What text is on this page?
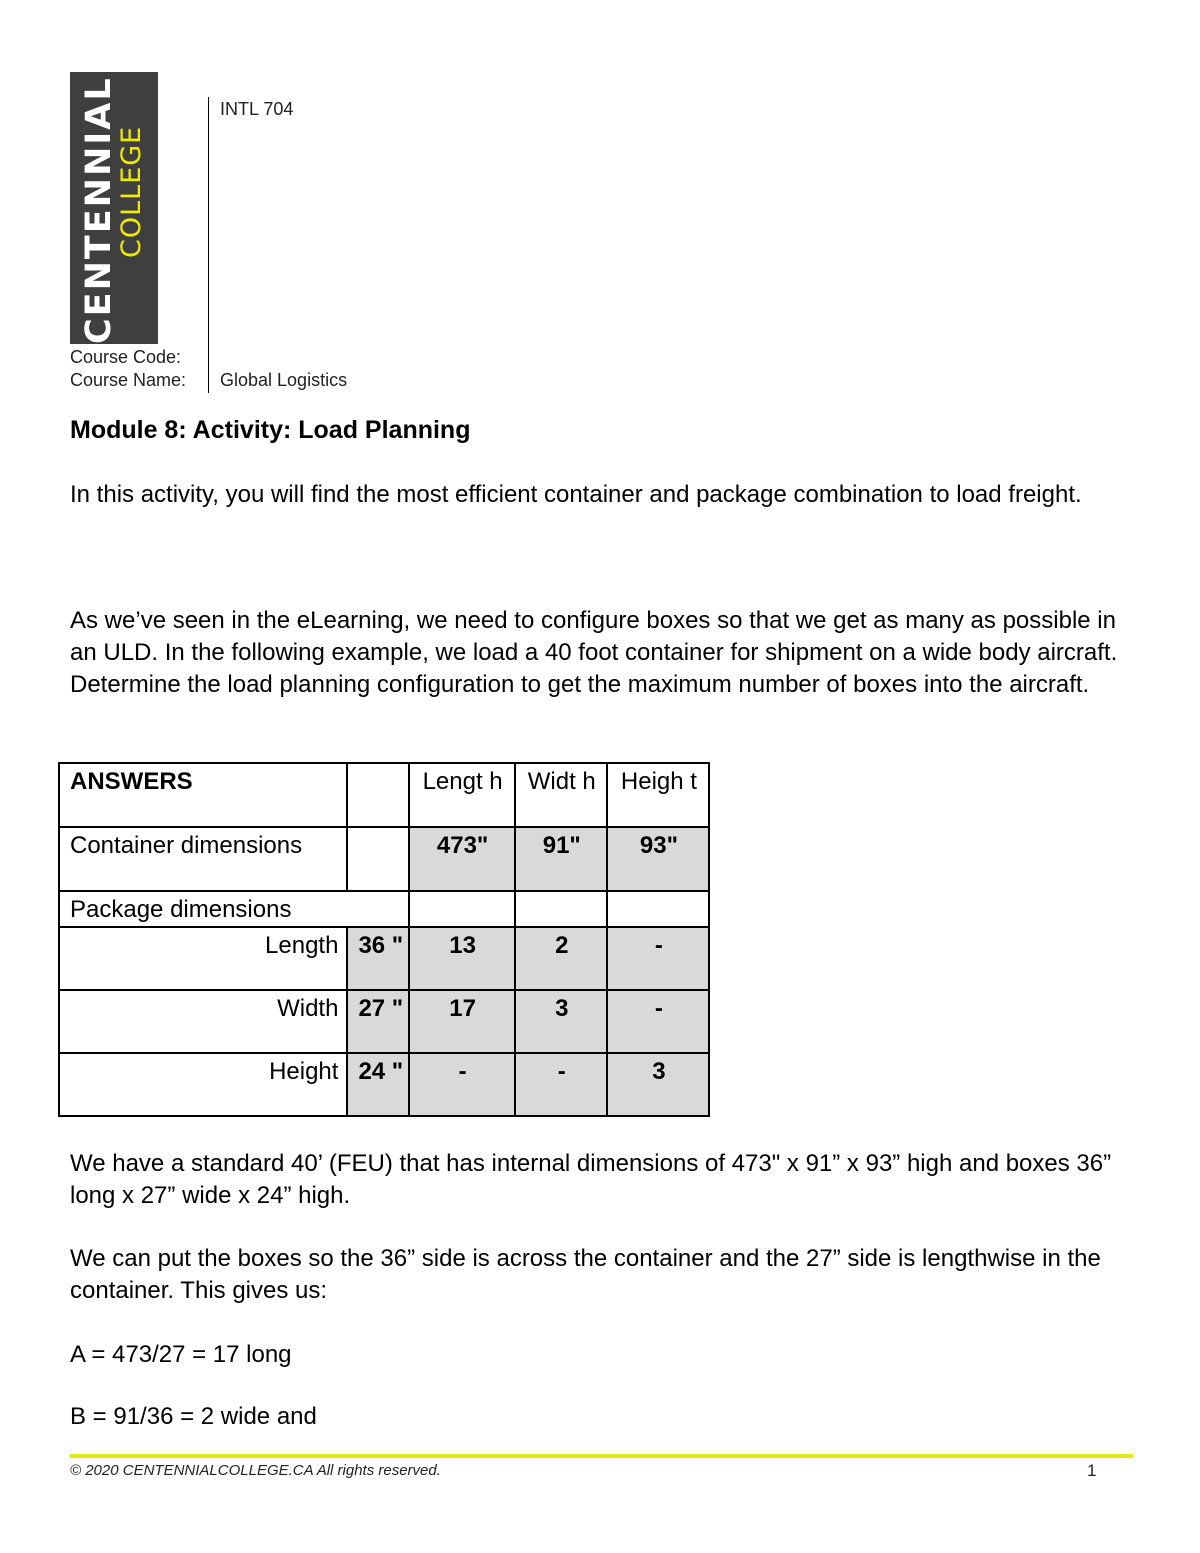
CENTENNIAL
COLLEGE
INTL 704
Course Code:
Course Name: Global Logistics
Module 8: Activity: Load Planning
In this activity, you will find the most efficient container and package combination to load freight.
As we’ve seen in the eLearning, we need to configure boxes so that we get as many as possible in an ULD. In the following example, we load a 40 foot container for shipment on a wide body aircraft. Determine the load planning configuration to get the maximum number of boxes into the aircraft.
ANSWERS		Lengt h	Widt h	Heigh t
Container dimensions		473"	91"	93"
Package dimensions				
Length	36 "	13	2	-
Width	27 "	17	3	-
Height	24 "	-	-	3
We have a standard 40’ (FEU) that has internal dimensions of 473" x 91” x 93” high and boxes 36” long x 27” wide x 24” high.
We can put the boxes so the 36” side is across the container and the 27” side is lengthwise in the container. This gives us:
A = 473/27 = 17 long
B = 91/36 = 2 wide and
© 2020 CENTENNIALCOLLEGE.CA All rights reserved.	1
